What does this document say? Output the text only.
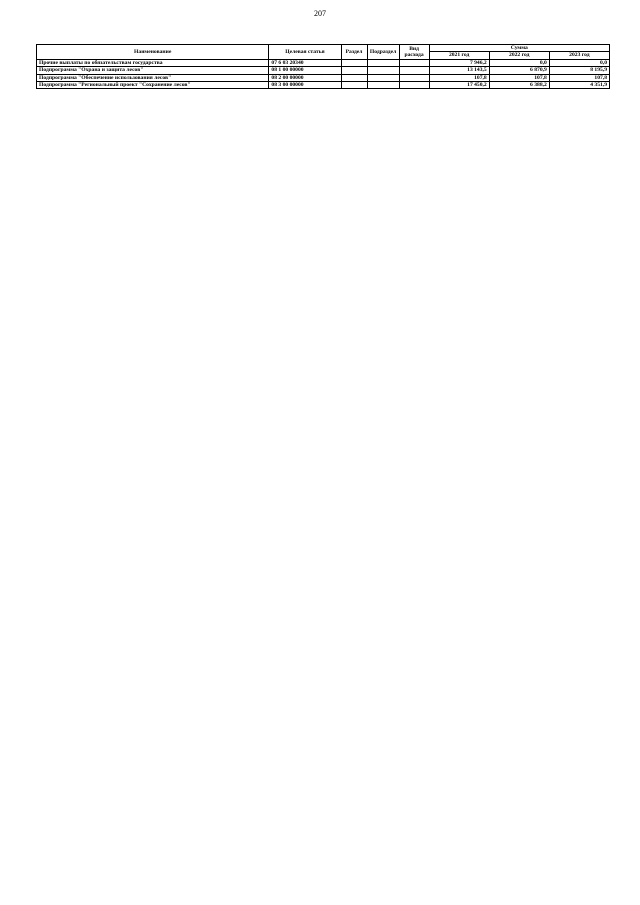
207
Наименование	Целевая статья	Раздел	Подраздел	Вид расхода	Сумма		
					2021 год	2022 год	2023 год
Прочие выплаты по обязательствам государства	07 6 03 20340				7 946,2	0,0	0,0
Подпрограмма "Охрана и защита лесов"	08 1 00 00000				13 143,5	6 870,9	8 195,9
Подпрограмма "Обеспечение использования лесов"	08 2 00 00000				107,8	107,8	107,8
Подпрограмма "Региональный проект "Сохранение лесов"	08 3 00 00000				17 450,2	6 388,2	4 351,9
